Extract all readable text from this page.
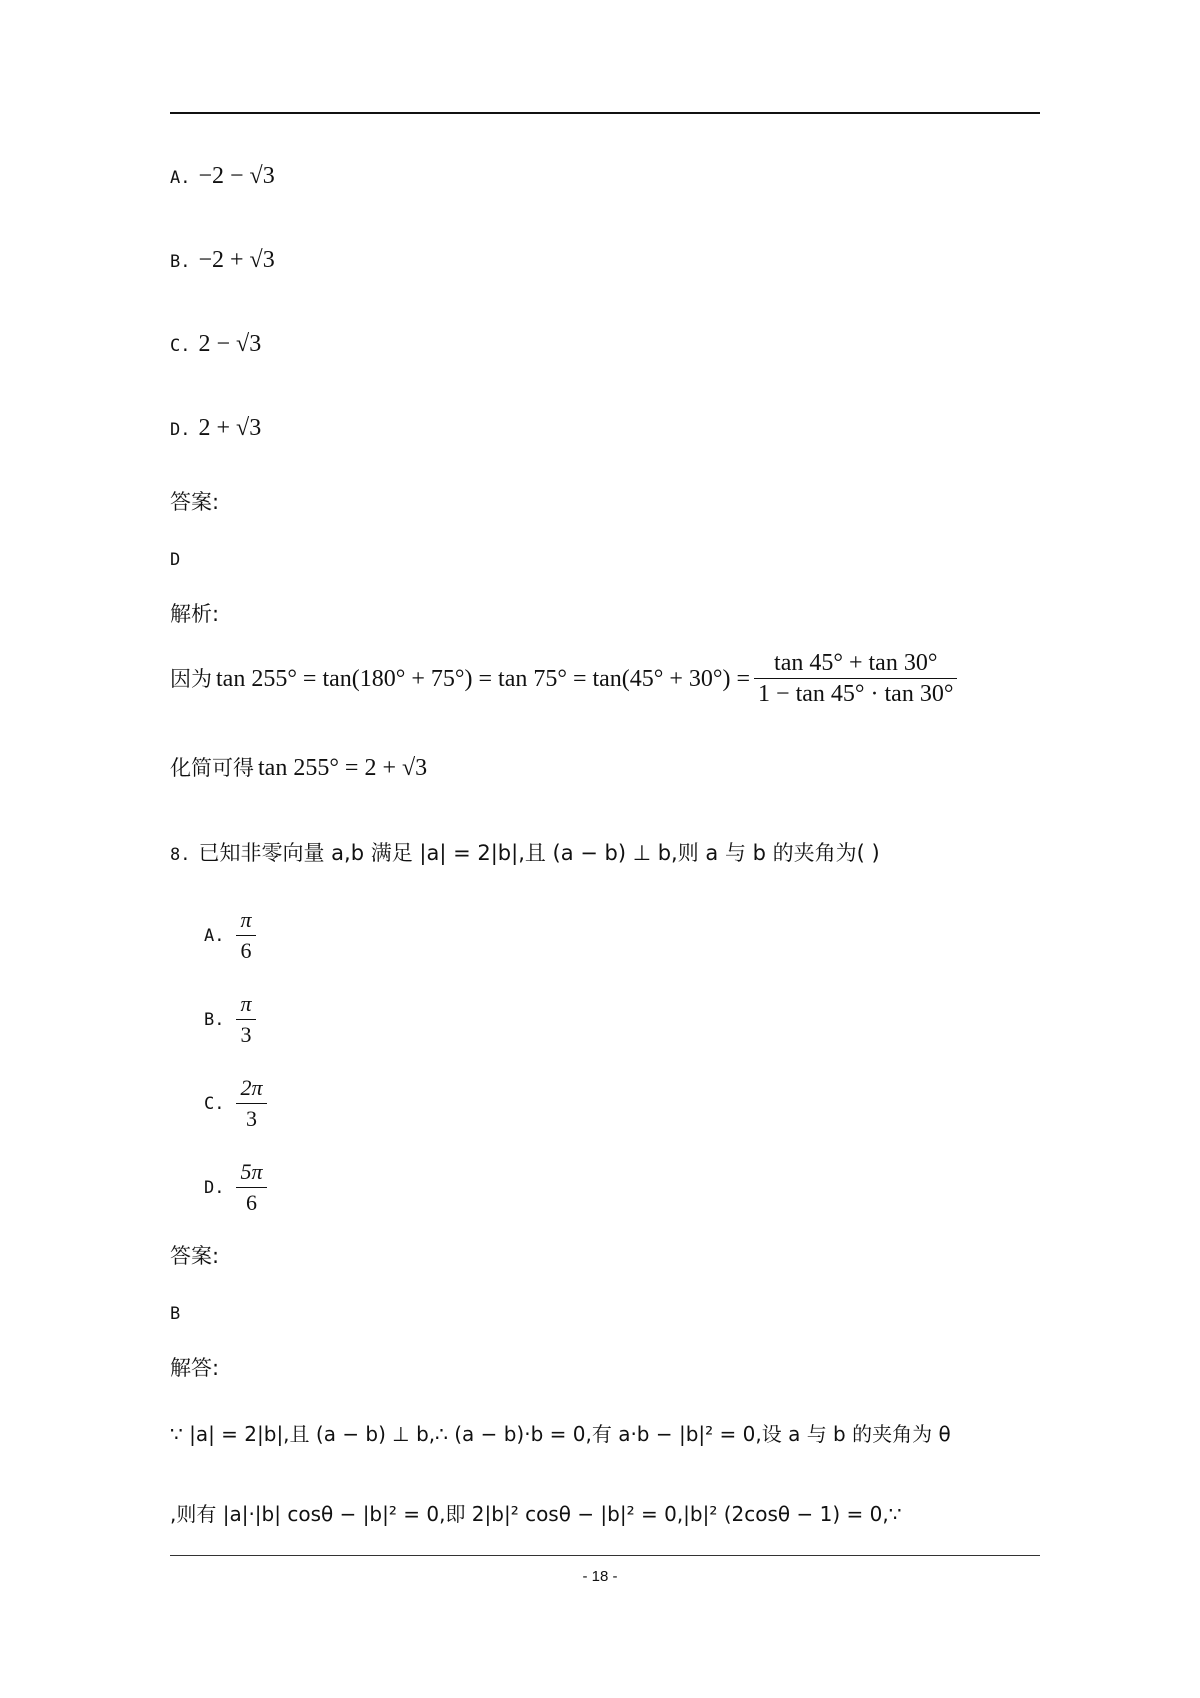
A. −2 − √3
B. −2 + √3
C. 2 − √3
D. 2 + √3
答案:
D
解析:
因为 $\tan 255^\circ = \tan(180^\circ + 75^\circ) = \tan 75^\circ = \tan(45^\circ + 30^\circ) = \frac{\tan 45^\circ + \tan 30^\circ}{1 - \tan 45^\circ \cdot \tan 30^\circ}$
化简可得 tan 255° = 2 + √3
8. 已知非零向量 a,b 满足 |a| = 2|b|,且 (a − b) ⊥ b,则 a 与 b 的夹角为( )
A. $\frac{\pi}{6}$
B. $\frac{\pi}{3}$
C. $\frac{2\pi}{3}$
D. $\frac{5\pi}{6}$
答案:
B
解答:
∵ |a| = 2|b|,且 (a − b) ⊥ b,∴ (a − b)·b = 0,有 a·b − |b|² = 0,设 a 与 b 的夹角为 θ
,则有 |a|·|b| cosθ − |b|² = 0,即 2|b|² cosθ − |b|² = 0,|b|² (2cosθ − 1) = 0,∵
- 18 -
